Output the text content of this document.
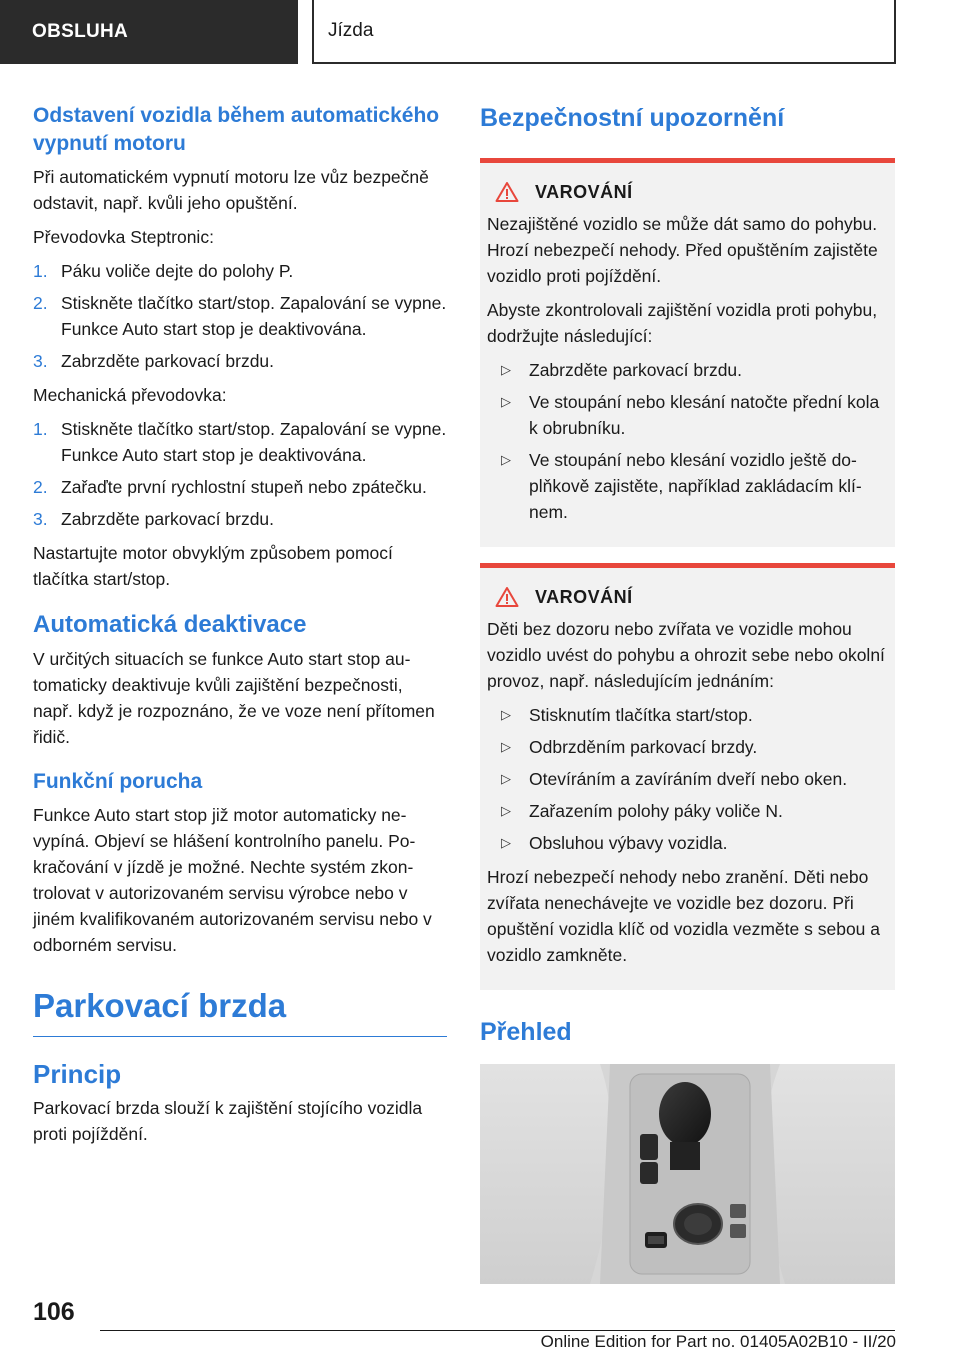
OBSLUHA	Jízda
Odstavení vozidla během automatického vypnutí motoru

Při automatickém vypnutí motoru lze vůz bezpečně odstavit, např. kvůli jeho opuštění.

Převodovka Steptronic:

1. Páku voliče dejte do polohy P.
2. Stiskněte tlačítko start/stop. Zapalování se vypne. Funkce Auto start stop je deaktivována.
3. Zabrzděte parkovací brzdu.

Mechanická převodovka:

1. Stiskněte tlačítko start/stop. Zapalování se vypne. Funkce Auto start stop je deaktivována.
2. Zařaďte první rychlostní stupeň nebo zpátečku.
3. Zabrzděte parkovací brzdu.

Nastartujte motor obvyklým způsobem pomocí tlačítka start/stop.

Automatická deaktivace

V určitých situacích se funkce Auto start stop automaticky deaktivuje kvůli zajištění bezpečnosti, např. když je rozpoznáno, že ve voze není přítomen řidič.

Funkční porucha

Funkce Auto start stop již motor automaticky nevypíná. Objeví se hlášení kontrolního panelu. Pokračování v jízdě je možné. Nechte systém zkontrolovat v autorizovaném servisu výrobce nebo v jiném kvalifikovaném autorizovaném servisu nebo v odborném servisu.

Parkovací brzda
Princip

Parkovací brzda slouží k zajištění stojícího vozidla proti pojíždění.

Bezpečnostní upozornění
VAROVÁNÍ

Nezajištěné vozidlo se může dát samo do pohybu. Hrozí nebezpečí nehody. Před opuštěním zajistěte vozidlo proti pojíždění.

Abyste zkontrolovali zajištění vozidla proti pohybu, dodržujte následující:

▷	Zabrzděte parkovací brzdu.
▷	Ve stoupání nebo klesání natočte přední kola k obrubníku.
▷	Ve stoupání nebo klesání vozidlo ještě doplňkově zajistěte, například zakládacím klínem.
VAROVÁNÍ

Děti bez dozoru nebo zvířata ve vozidle mohou vozidlo uvést do pohybu a ohrozit sebe nebo okolní provoz, např. následujícím jednáním:

▷	Stisknutím tlačítka start/stop.
▷	Odbrzděním parkovací brzdy.
▷	Otevíráním a zavíráním dveří nebo oken.
▷	Zařazením polohy páky voliče N.
▷	Obsluhou výbavy vozidla.

Hrozí nebezpečí nehody nebo zranění. Děti nebo zvířata nenechávejte ve vozidle bez dozoru. Při opuštění vozidla klíč od vozidla vezměte s sebou a vozidlo zamkněte.

Přehled
106
Online Edition for Part no. 01405A02B10 - II/20
